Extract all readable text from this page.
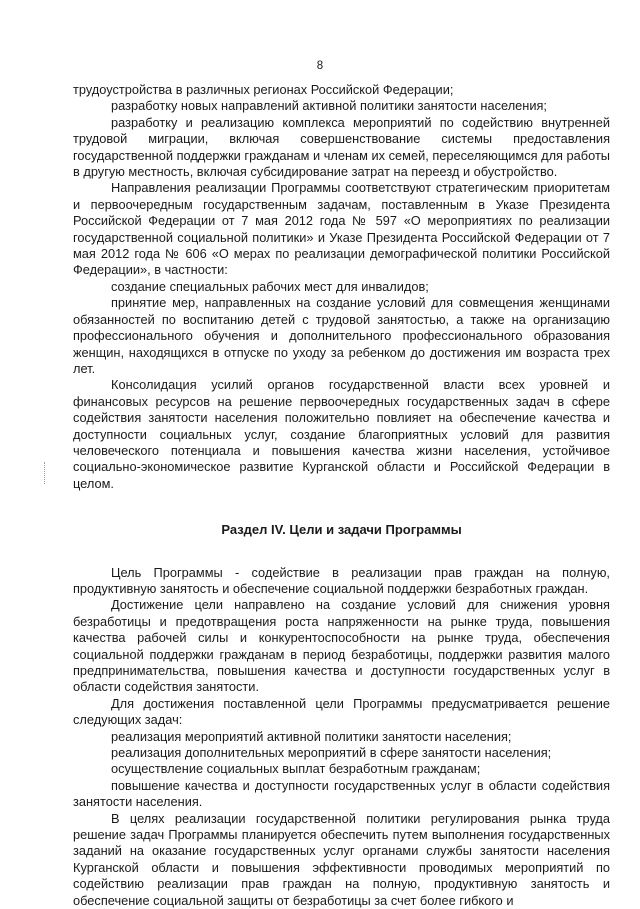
8

трудоустройства в различных регионах Российской Федерации;

разработку новых направлений активной политики занятости населения;

разработку и реализацию комплекса мероприятий по содействию внутренней трудовой миграции, включая совершенствование системы предоставления государственной поддержки гражданам и членам их семей, переселяющимся для работы в другую местность, включая субсидирование затрат на переезд и обустройство.

Направления реализации Программы соответствуют стратегическим приоритетам и первоочередным государственным задачам, поставленным в Указе Президента Российской Федерации от 7 мая 2012 года № 597 «О мероприятиях по реализации государственной социальной политики» и Указе Президента Российской Федерации от 7 мая 2012 года № 606 «О мерах по реализации демографической политики Российской Федерации», в частности:

создание специальных рабочих мест для инвалидов;

принятие мер, направленных на создание условий для совмещения женщинами обязанностей по воспитанию детей с трудовой занятостью, а также на организацию профессионального обучения и дополнительного профессионального образования женщин, находящихся в отпуске по уходу за ребенком до достижения им возраста трех лет.

Консолидация усилий органов государственной власти всех уровней и финансовых ресурсов на решение первоочередных государственных задач в сфере содействия занятости населения положительно повлияет на обеспечение качества и доступности социальных услуг, создание благоприятных условий для развития человеческого потенциала и повышения качества жизни населения, устойчивое социально-экономическое развитие Курганской области и Российской Федерации в целом.

Раздел IV. Цели и задачи Программы

Цель Программы - содействие в реализации прав граждан на полную, продуктивную занятость и обеспечение социальной поддержки безработных граждан.

Достижение цели направлено на создание условий для снижения уровня безработицы и предотвращения роста напряженности на рынке труда, повышения качества рабочей силы и конкурентоспособности на рынке труда, обеспечения социальной поддержки гражданам в период безработицы, поддержки развития малого предпринимательства, повышения качества и доступности государственных услуг в области содействия занятости.

Для достижения поставленной цели Программы предусматривается решение следующих задач:

реализация мероприятий активной политики занятости населения;

реализация дополнительных мероприятий в сфере занятости населения;

осуществление социальных выплат безработным гражданам;

повышение качества и доступности государственных услуг в области содействия занятости населения.

В целях реализации государственной политики регулирования рынка труда решение задач Программы планируется обеспечить путем выполнения государственных заданий на оказание государственных услуг органами службы занятости населения Курганской области и повышения эффективности проводимых мероприятий по содействию реализации прав граждан на полную, продуктивную занятость и обеспечение социальной защиты от безработицы за счет более гибкого и
